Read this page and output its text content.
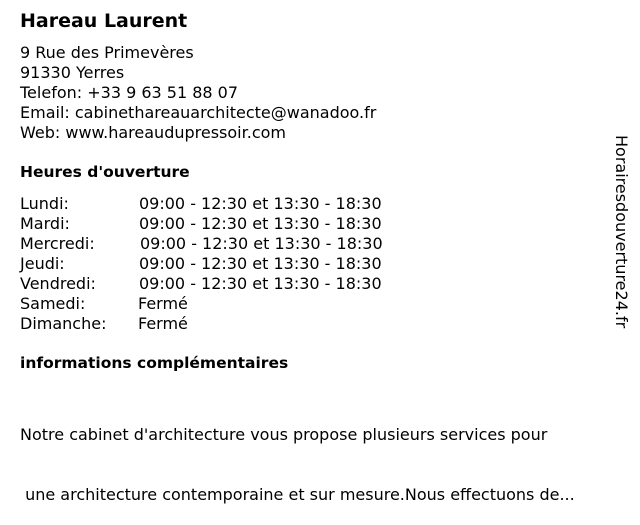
Hareau Laurent
9 Rue des Primevères
91330 Yerres
Telefon: +33 9 63 51 88 07
Email: cabinethareauarchitecte@wanadoo.fr
Web: www.hareaudupressoir.com
Heures d'ouverture
Lundi:	09:00 - 12:30 et 13:30 - 18:30
Mardi:	09:00 - 12:30 et 13:30 - 18:30
Mercredi:	09:00 - 12:30 et 13:30 - 18:30
Jeudi:	09:00 - 12:30 et 13:30 - 18:30
Vendredi:	09:00 - 12:30 et 13:30 - 18:30
Samedi:	Fermé
Dimanche: Fermé
informations complémentaires

Notre cabinet d'architecture vous propose plusieurs services pour

une architecture contemporaine et sur mesure.Nous effectuons de...

Horairesdouverture24.fr
